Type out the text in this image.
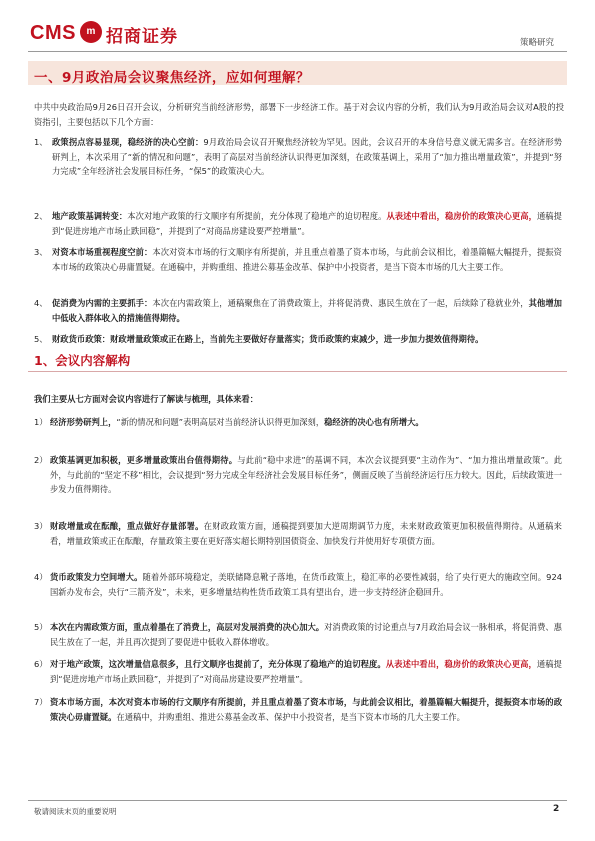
CMS	m 招商证券	策略研究
一、9月政治局会议聚焦经济，应如何理解？
中共中央政治局9月26日召开会议，分析研究当前经济形势，部署下一步经济工作。基于对会议内容的分析，我们认为9月政治局会议对A股的投资指引，主要包括以下几个方面：
1、 政策拐点容易显现，稳经济的决心空前：9月政治局会议召开聚焦经济较为罕见。因此，会议召开的本身信号意义就无需多言。在经济形势研判上，本次采用了“新的情况和问题”，表明了高层对当前经济认识得更加深刻，在政策基调上，采用了“加力推出增量政策”，并提到“努力完成”全年经济社会发展目标任务，“保5”的政策决心大。
2、 地产政策基调转变：本次对地产政策的行文顺序有所提前，充分体现了稳地产的迫切程度。从表述中看出，稳房价的政策决心更高，通稿提到“促进房地产市场止跌回稳”，并提到了“对商品房建设要严控增量”。
3、 对资本市场重视程度空前：本次对资本市场的行文顺序有所提前，并且重点着墨了资本市场，与此前会议相比，着墨篇幅大幅提升，提振资本市场的政策决心毋庸置疑。在通稿中，并购重组、推进公募基金改革、保护中小投资者，是当下资本市场的几大主要工作。
4、 促消费为内需的主要抓手：本次在内需政策上，通稿聚焦在了消费政策上，并将促消费、惠民生放在了一起，后续除了稳就业外，其他增加中低收入群体收入的措施值得期待。
5、 财政货币政策：财政增量政策或正在路上，当前先主要做好存量落实；货币政策约束减少，进一步加力提效值得期待。
1、会议内容解构
我们主要从七方面对会议内容进行了解读与梳理，具体来看：
1） 经济形势研判上，“新的情况和问题”表明高层对当前经济认识得更加深刻，稳经济的决心也有所增大。
2） 政策基调更加积极，更多增量政策出台值得期待。与此前“稳中求进”的基调不同，本次会议提到要“主动作为”、“加力推出增量政策”。此外，与此前的“坚定不移”相比，会议提到“努力完成全年经济社会发展目标任务”，侧面反映了当前经济运行压力较大。因此，后续政策进一步发力值得期待。
3） 财政增量或在酝酿，重点做好存量部署。在财政政策方面，通稿提到要加大逆周期调节力度，未来财政政策更加积极值得期待。从通稿来看，增量政策或正在酝酿，存量政策主要在更好落实超长期特别国债资金、加快发行并使用好专项债方面。
4） 货币政策发力空间增大。随着外部环境稳定，美联储降息靴子落地，在货币政策上，稳汇率的必要性减弱，给了央行更大的施政空间。924国新办发布会，央行“三箭齐发”，未来，更多增量结构性货币政策工具有望出台，进一步支持经济企稳回升。
5） 本次在内需政策方面，重点着墨在了消费上，高层对发展消费的决心加大。对消费政策的讨论重点与7月政治局会议一脉相承，将促消费、惠民生放在了一起，并且再次提到了要促进中低收入群体增收。
6） 对于地产政策，这次增量信息很多，且行文顺序也提前了，充分体现了稳地产的迫切程度。从表述中看出，稳房价的政策决心更高，通稿提到“促进房地产市场止跌回稳”，并提到了“对商品房建设要严控增量”。
7） 资本市场方面，本次对资本市场的行文顺序有所提前，并且重点着墨了资本市场，与此前会议相比，着墨篇幅大幅提升，提振资本市场的政策决心毋庸置疑。在通稿中，并购重组、推进公募基金改革、保护中小投资者，是当下资本市场的几大主要工作。
敬请阅读末页的重要说明	2
